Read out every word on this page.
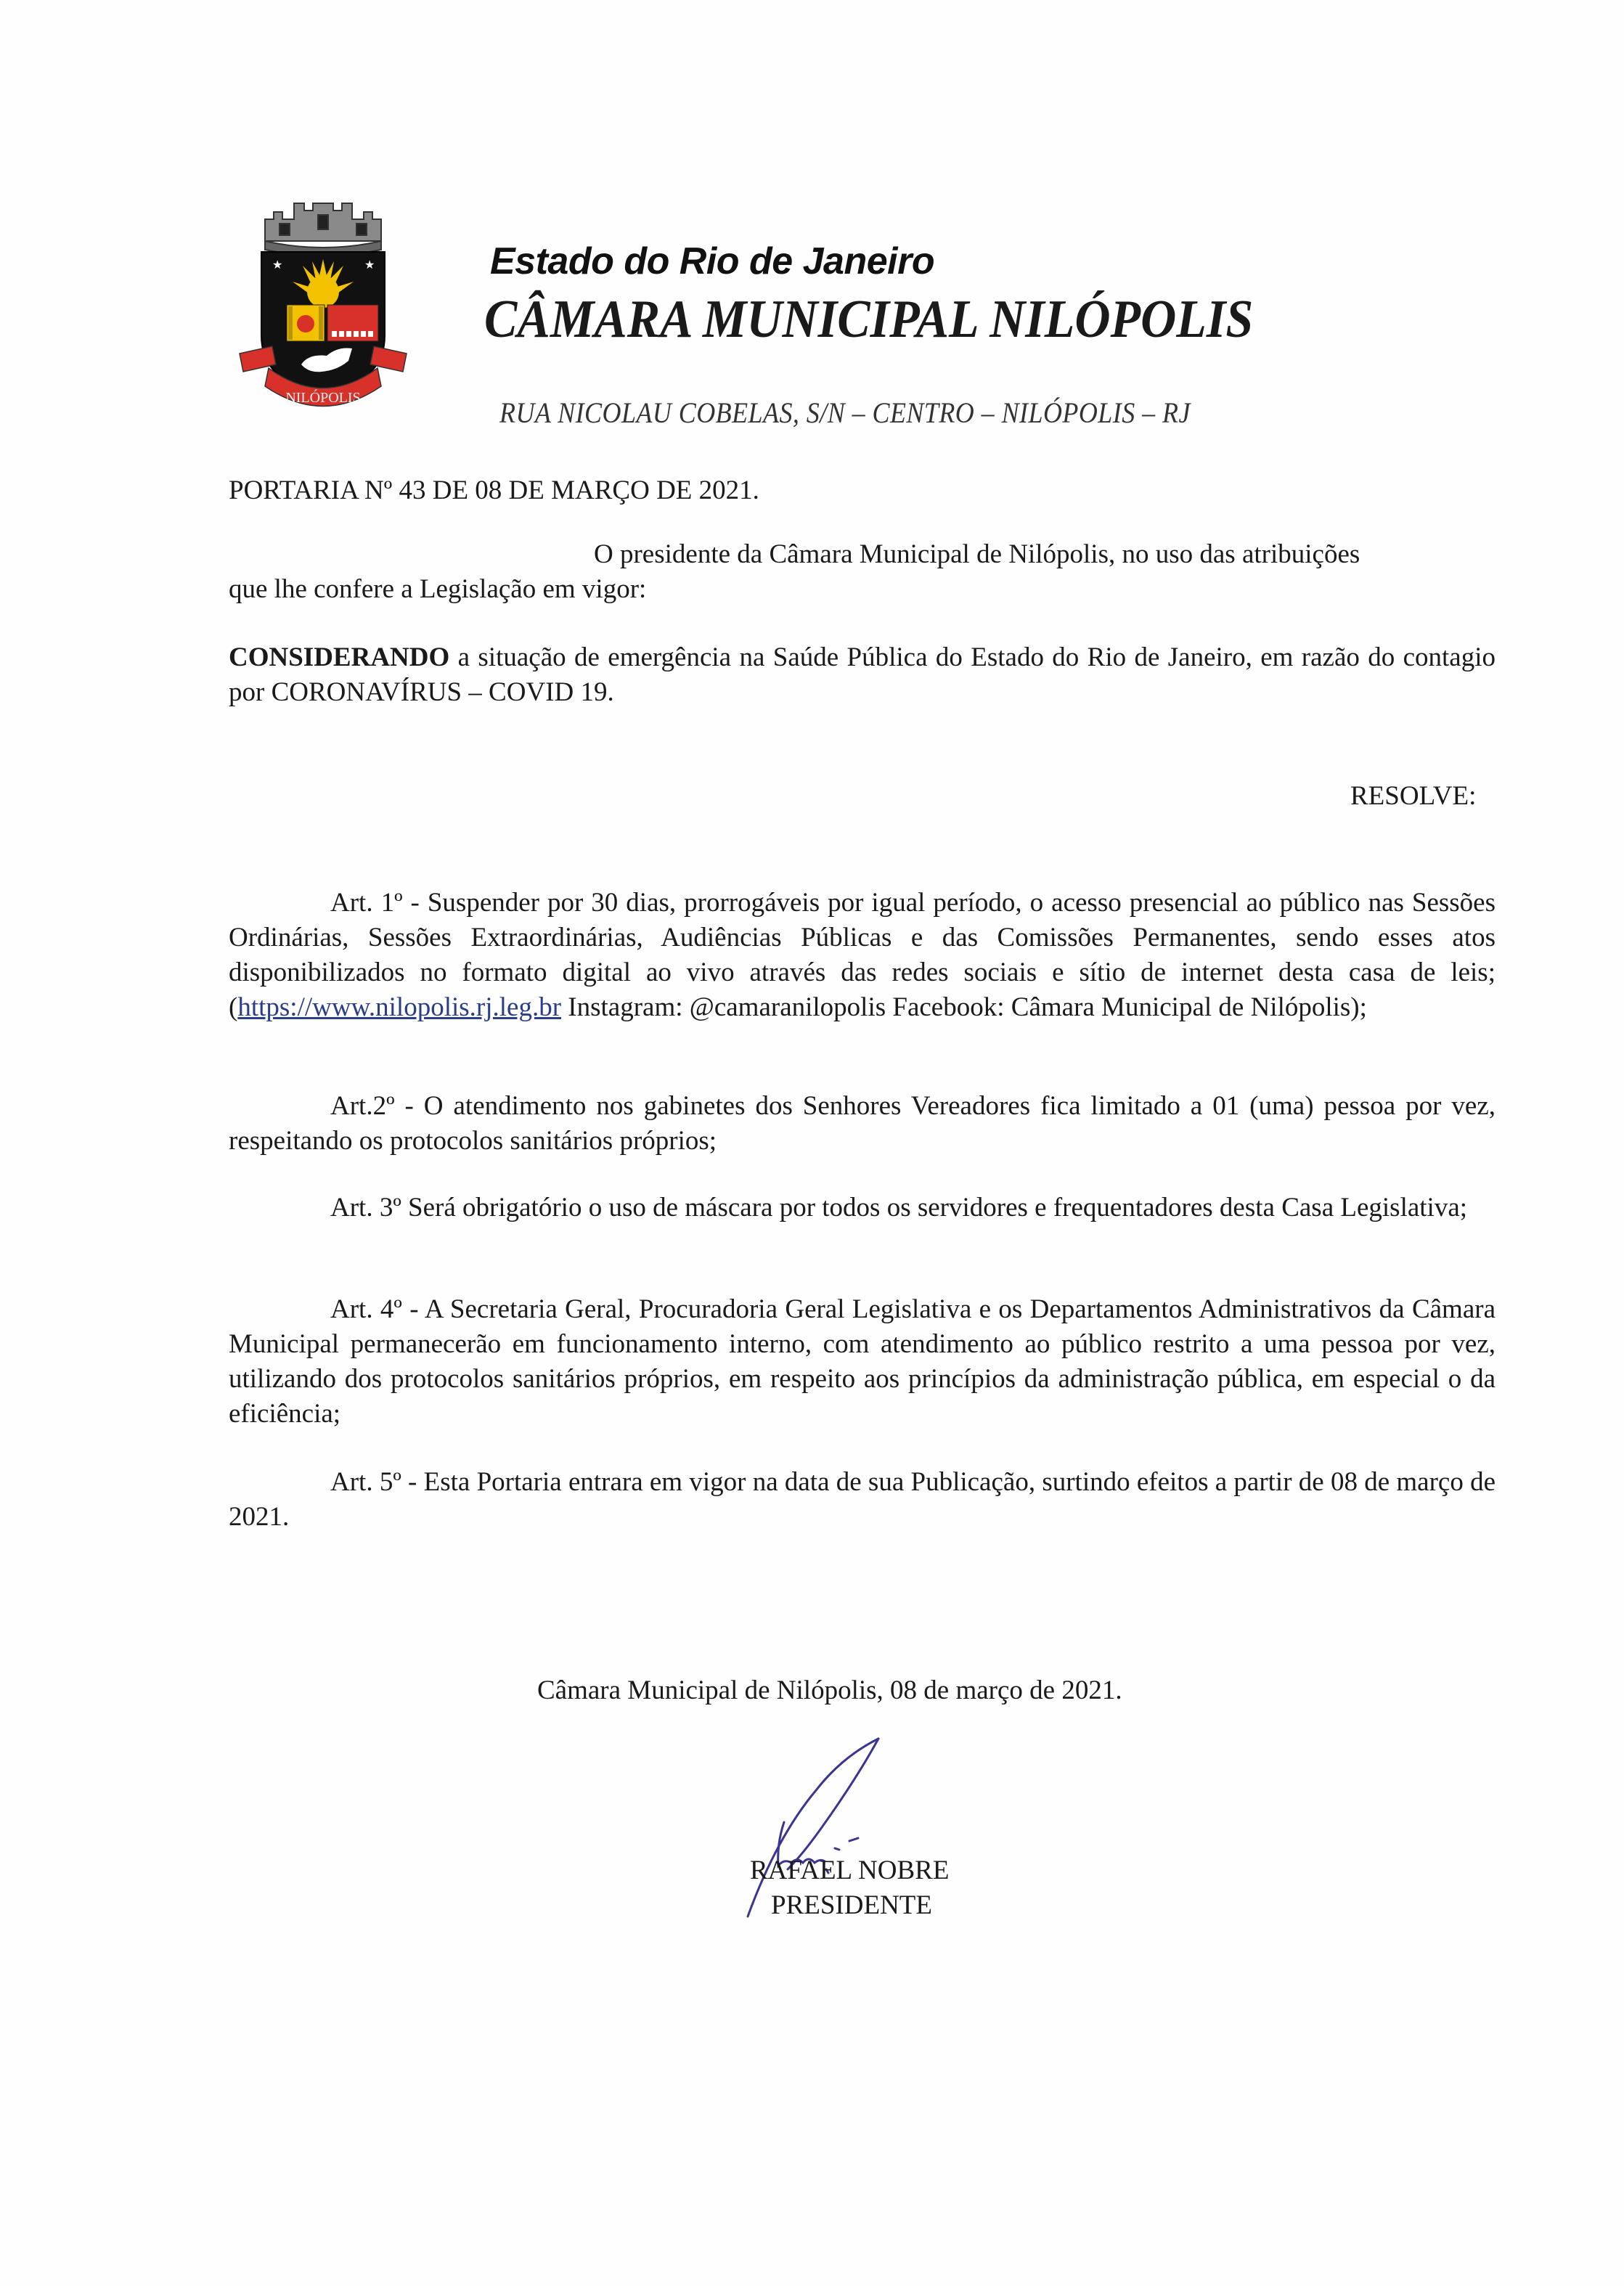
★	★
NILÓPOLIS
Estado do Rio de Janeiro
CÂMARA MUNICIPAL NILÓPOLIS
RUA NICOLAU COBELAS, S/N – CENTRO – NILÓPOLIS – RJ
PORTARIA Nº 43 DE 08 DE MARÇO DE 2021.
O presidente da Câmara Municipal de Nilópolis, no uso das atribuições
que lhe confere a Legislação em vigor:
CONSIDERANDO a situação de emergência na Saúde Pública do Estado do Rio de Janeiro, em razão do contagio por CORONAVÍRUS – COVID 19.
RESOLVE:
Art. 1º - Suspender por 30 dias, prorrogáveis por igual período, o acesso presencial ao público nas Sessões Ordinárias, Sessões Extraordinárias, Audiências Públicas e das Comissões Permanentes, sendo esses atos disponibilizados no formato digital ao vivo através das redes sociais e sítio de internet desta casa de leis; (https://www.nilopolis.rj.leg.br Instagram: @camaranilopolis Facebook: Câmara Municipal de Nilópolis);
Art.2º - O atendimento nos gabinetes dos Senhores Vereadores fica limitado a 01 (uma) pessoa por vez, respeitando os protocolos sanitários próprios;
Art. 3º Será obrigatório o uso de máscara por todos os servidores e frequentadores desta Casa Legislativa;
Art. 4º - A Secretaria Geral, Procuradoria Geral Legislativa e os Departamentos Administrativos da Câmara Municipal permanecerão em funcionamento interno, com atendimento ao público restrito a uma pessoa por vez, utilizando dos protocolos sanitários próprios, em respeito aos princípios da administração pública, em especial o da eficiência;
Art. 5º - Esta Portaria entrara em vigor na data de sua Publicação, surtindo efeitos a partir de 08 de março de 2021.
Câmara Municipal de Nilópolis, 08 de março de 2021.
RAFAEL NOBRE
PRESIDENTE
